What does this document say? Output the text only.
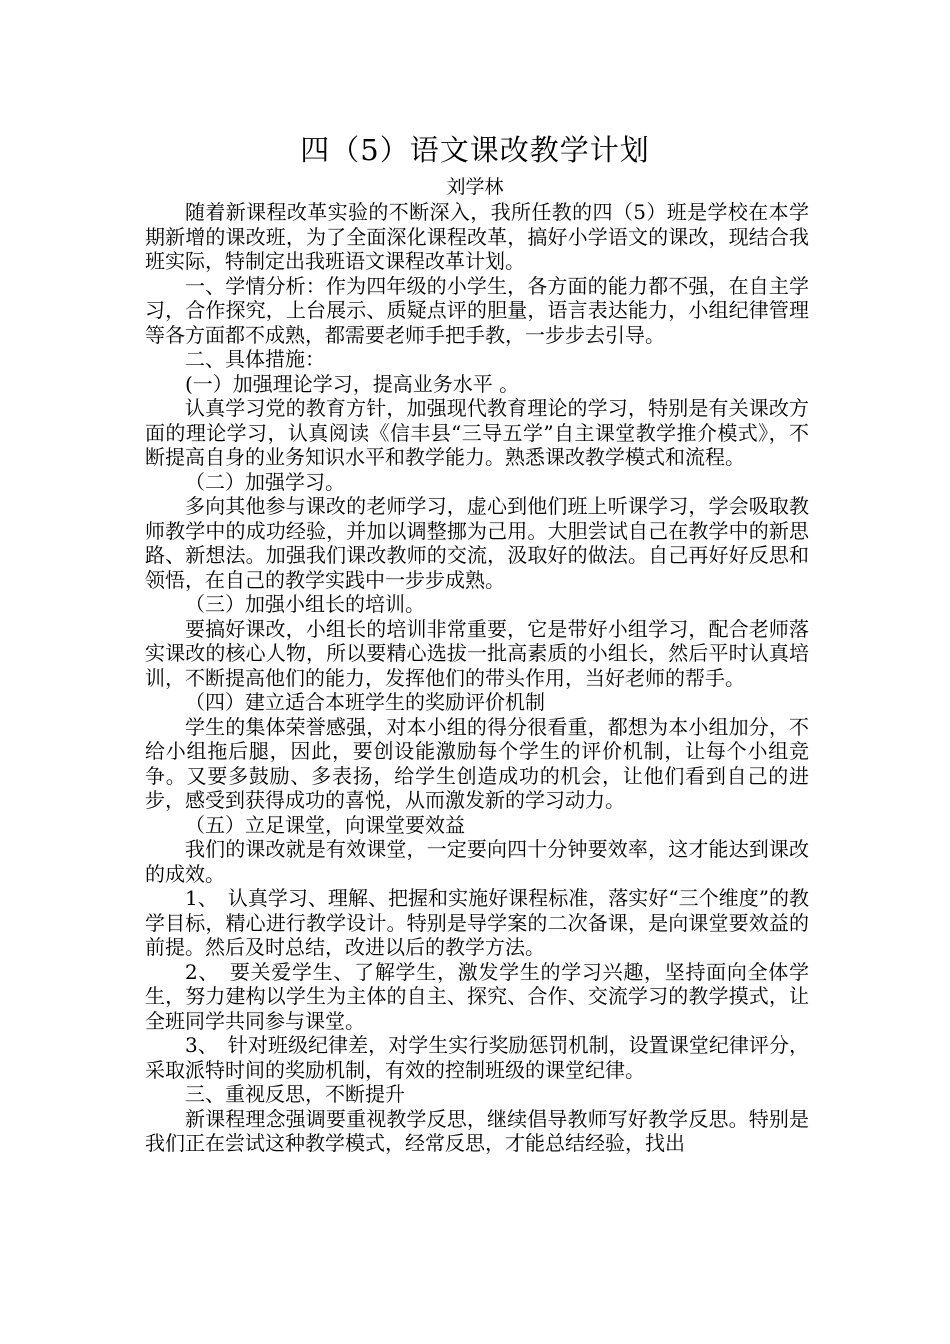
四（5）语文课改教学计划
刘学林

随着新课程改革实验的不断深入，我所任教的四（5）班是学校在本学期新增的课改班，为了全面深化课程改革，搞好小学语文的课改，现结合我班实际，特制定出我班语文课程改革计划。

一、学情分析：作为四年级的小学生，各方面的能力都不强，在自主学习，合作探究，上台展示、质疑点评的胆量，语言表达能力，小组纪律管理等各方面都不成熟，都需要老师手把手教，一步步去引导。

二、具体措施：

(一）加强理论学习，提高业务水平 。

认真学习党的教育方针，加强现代教育理论的学习，特别是有关课改方面的理论学习，认真阅读《信丰县“三导五学”自主课堂教学推介模式》，不断提高自身的业务知识水平和教学能力。熟悉课改教学模式和流程。

（二）加强学习。

多向其他参与课改的老师学习，虚心到他们班上听课学习，学会吸取教师教学中的成功经验，并加以调整挪为己用。大胆尝试自己在教学中的新思路、新想法。加强我们课改教师的交流，汲取好的做法。自己再好好反思和领悟，在自己的教学实践中一步步成熟。

（三）加强小组长的培训。

要搞好课改，小组长的培训非常重要，它是带好小组学习，配合老师落实课改的核心人物，所以要精心选拔一批高素质的小组长，然后平时认真培训，不断提高他们的能力，发挥他们的带头作用，当好老师的帮手。

（四）建立适合本班学生的奖励评价机制

学生的集体荣誉感强，对本小组的得分很看重，都想为本小组加分，不给小组拖后腿，因此，要创设能激励每个学生的评价机制，让每个小组竞争。又要多鼓励、多表扬，给学生创造成功的机会，让他们看到自己的进步，感受到获得成功的喜悦，从而激发新的学习动力。

（五）立足课堂，向课堂要效益

我们的课改就是有效课堂，一定要向四十分钟要效率，这才能达到课改的成效。

1、　认真学习、理解、把握和实施好课程标准，落实好“三个维度”的教学目标，精心进行教学设计。特别是导学案的二次备课，是向课堂要效益的前提。然后及时总结，改进以后的教学方法。

2、　要关爱学生、了解学生，激发学生的学习兴趣，坚持面向全体学生，努力建构以学生为主体的自主、探究、合作、交流学习的教学摸式，让全班同学共同参与课堂。

3、　针对班级纪律差，对学生实行奖励惩罚机制，设置课堂纪律评分，采取派特时间的奖励机制，有效的控制班级的课堂纪律。

三、重视反思，不断提升

新课程理念强调要重视教学反思，继续倡导教师写好教学反思。特别是我们正在尝试这种教学模式，经常反思，才能总结经验，找出
